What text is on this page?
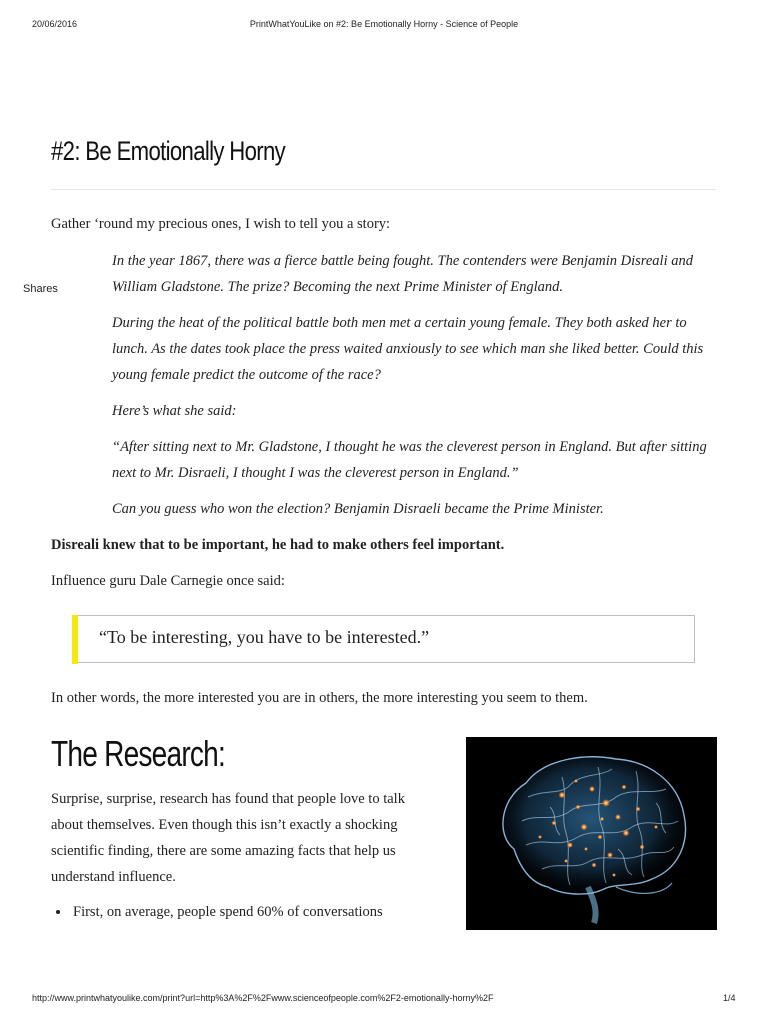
20/06/2016	PrintWhatYouLike on #2: Be Emotionally Horny - Science of People
Shares
#2: Be Emotionally Horny

Gather ‘round my precious ones, I wish to tell you a story:

In the year 1867, there was a fierce battle being fought. The contenders were Benjamin Disreali and William Gladstone. The prize? Becoming the next Prime Minister of England.

During the heat of the political battle both men met a certain young female. They both asked her to lunch. As the dates took place the press waited anxiously to see which man she liked better. Could this young female predict the outcome of the race?

Here’s what she said:

“After sitting next to Mr. Gladstone, I thought he was the cleverest person in England. But after sitting next to Mr. Disraeli, I thought I was the cleverest person in England.”

Can you guess who won the election? Benjamin Disraeli became the Prime Minister.

Disreali knew that to be important, he had to make others feel important.

Influence guru Dale Carnegie once said:

“To be interesting, you have to be interested.”

In other words, the more interested you are in others, the more interesting you seem to them.

The Research:

Surprise, surprise, research has found that people love to talk about themselves. Even though this isn’t exactly a shocking scientific finding, there are some amazing facts that help us understand influence.

• First, on average, people spend 60% of conversations
http://www.printwhatyoulike.com/print?url=http%3A%2F%2Fwww.scienceofpeople.com%2F2-emotionally-horny%2F	1/4
